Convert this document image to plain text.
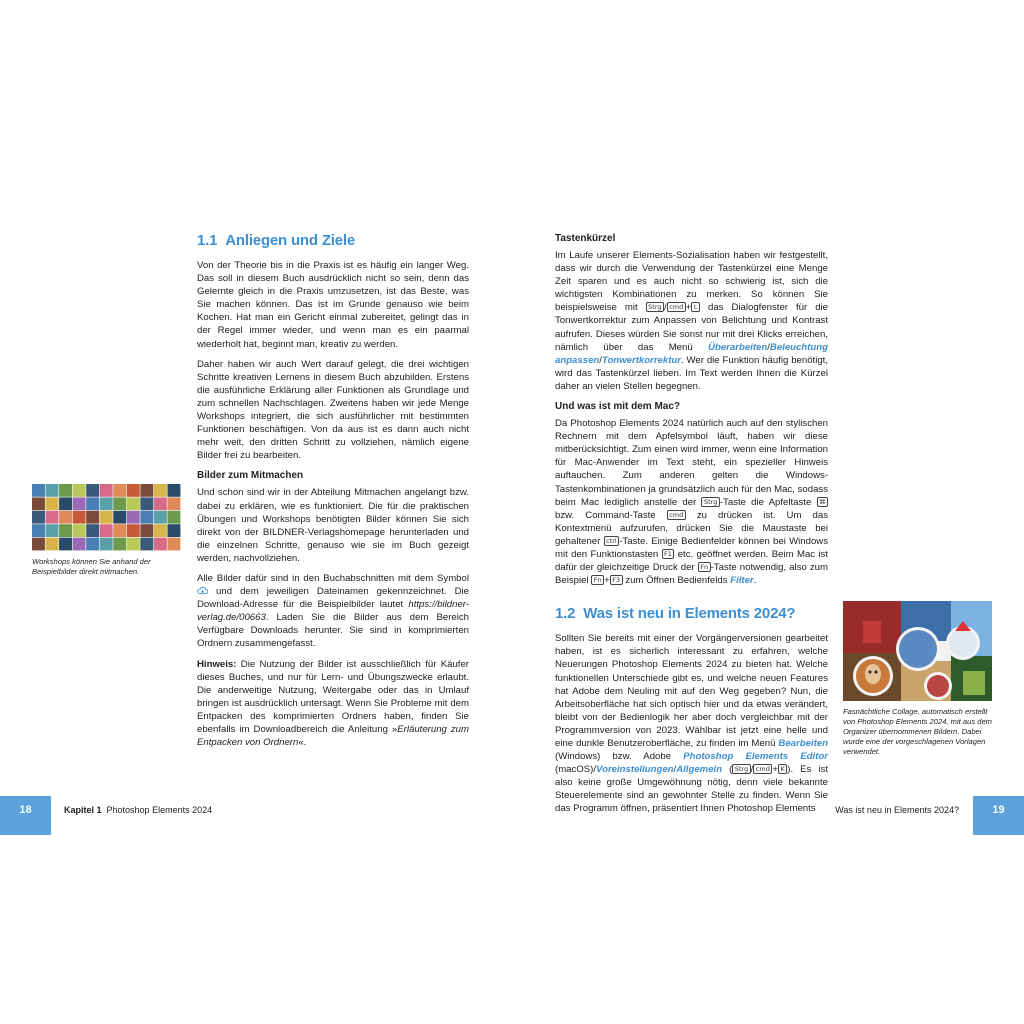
1.1 Anliegen und Ziele

Von der Theorie bis in die Praxis ist es häufig ein langer Weg. Das soll in diesem Buch ausdrücklich nicht so sein, denn das Gelernte gleich in die Praxis umzusetzen, ist das Beste, was Sie machen können. Das ist im Grunde genauso wie beim Kochen. Hat man ein Gericht einmal zubereitet, gelingt das in der Regel immer wieder, und wenn man es ein paarmal wiederholt hat, beginnt man, kreativ zu werden.

Daher haben wir auch Wert darauf gelegt, die drei wichtigen Schritte kreativen Lernens in diesem Buch abzubilden. Erstens die ausführliche Erklärung aller Funktionen als Grundlage und zum schnellen Nachschlagen. Zweitens haben wir jede Menge Workshops integriert, die sich ausführlicher mit bestimmten Funktionen beschäftigen. Von da aus ist es dann auch nicht mehr weit, den dritten Schritt zu vollziehen, nämlich eigene Bilder frei zu bearbeiten.

Bilder zum Mitmachen

Und schon sind wir in der Abteilung Mitmachen angelangt bzw. dabei zu erklären, wie es funktioniert. Die für die praktischen Übungen und Workshops benötigten Bilder können Sie sich direkt von der BILDNER-Verlagshomepage herunterladen und die einzelnen Schritte, genauso wie sie im Buch gezeigt werden, nachvollziehen.

Alle Bilder dafür sind in den Buchabschnitten mit dem Symbol  und dem jeweiligen Dateinamen gekennzeichnet. Die Download-Adresse für die Beispielbilder lautet https://bildner-verlag.de/00663. Laden Sie die Bilder aus dem Bereich Verfügbare Downloads herunter. Sie sind in komprimierten Ordnern zusammengefasst.

Hinweis: Die Nutzung der Bilder ist ausschließlich für Käufer dieses Buches, und nur für Lern- und Übungszwecke erlaubt. Die anderweitige Nutzung, Weitergabe oder das in Umlauf bringen ist ausdrücklich untersagt. Wenn Sie Probleme mit dem Entpacken des komprimierten Ordners haben, finden Sie ebenfalls im Downloadbereich die Anleitung »Erläuterung zum Entpacken von Ordnern«.

Workshops können Sie anhand der Beispielbilder direkt mitmachen.
Tastenkürzel

Im Laufe unserer Elements-Sozialisation haben wir festgestellt, dass wir durch die Verwendung der Tastenkürzel eine Menge Zeit sparen und es auch nicht so schwierig ist, sich die wichtigsten Kombinationen zu merken. So können Sie beispielsweise mit Strg / cmd + L das Dialogfenster für die Tonwertkorrektur zum Anpassen von Belichtung und Kontrast aufrufen. Dieses würden Sie sonst nur mit drei Klicks erreichen, nämlich über das Menü Überarbeiten/Beleuchtung anpassen/Tonwertkorrektur. Wer die Funktion häufig benötigt, wird das Tastenkürzel lieben. Im Text werden Ihnen die Kürzel daher an vielen Stellen begegnen.

Und was ist mit dem Mac?

Da Photoshop Elements 2024 natürlich auch auf den stylischen Rechnern mit dem Apfelsymbol läuft, haben wir diese mitberücksichtigt. Zum einen wird immer, wenn eine Information für Mac-Anwender im Text steht, ein spezieller Hinweis auftauchen. Zum anderen gelten die Windows-Tastenkombinationen ja grundsätzlich auch für den Mac, sodass beim Mac lediglich anstelle der Strg -Taste die Apfeltaste ⌘ bzw. Command-Taste cmd zu drücken ist. Um das Kontextmenü aufzurufen, drücken Sie die Maustaste bei gehaltener ctrl -Taste. Einige Bedienfelder können bei Windows mit den Funktionstasten F1 etc. geöffnet werden. Beim Mac ist dafür der gleichzeitige Druck der Fn -Taste notwendig, also zum Beispiel Fn + F3 zum Öffnen Bedienfelds Filter.

1.2 Was ist neu in Elements 2024?

Sollten Sie bereits mit einer der Vorgängerversionen gearbeitet haben, ist es sicherlich interessant zu erfahren, welche Neuerungen Photoshop Elements 2024 zu bieten hat. Welche funktionellen Unterschiede gibt es, und welche neuen Features hat Adobe dem Neuling mit auf den Weg gegeben? Nun, die Arbeitsoberfläche hat sich optisch hier und da etwas verändert, bleibt von der Bedienlogik her aber doch vergleichbar mit der Programmversion von 2023. Wählbar ist jetzt eine helle und eine dunkle Benutzeroberfläche, zu finden im Menü Bearbeiten (Windows) bzw. Adobe Photoshop Elements Editor (macOS)/Voreinstellungen/Allgemein ( Strg / cmd + K ). Es ist also keine große Umgewöhnung nötig, denn viele bekannte Steuerelemente sind an gewohnter Stelle zu finden. Wenn Sie das Programm öffnen, präsentiert Ihnen Photoshop Elements

Fasnächtliche Collage, automatisch erstellt von Photoshop Elements 2024, mit aus dem Organizer übernommenen Bildern. Dabei wurde eine der vorgeschlagenen Vorlagen verwendet.
18	Kapitel 1 Photoshop Elements 2024	Was ist neu in Elements 2024?	19
